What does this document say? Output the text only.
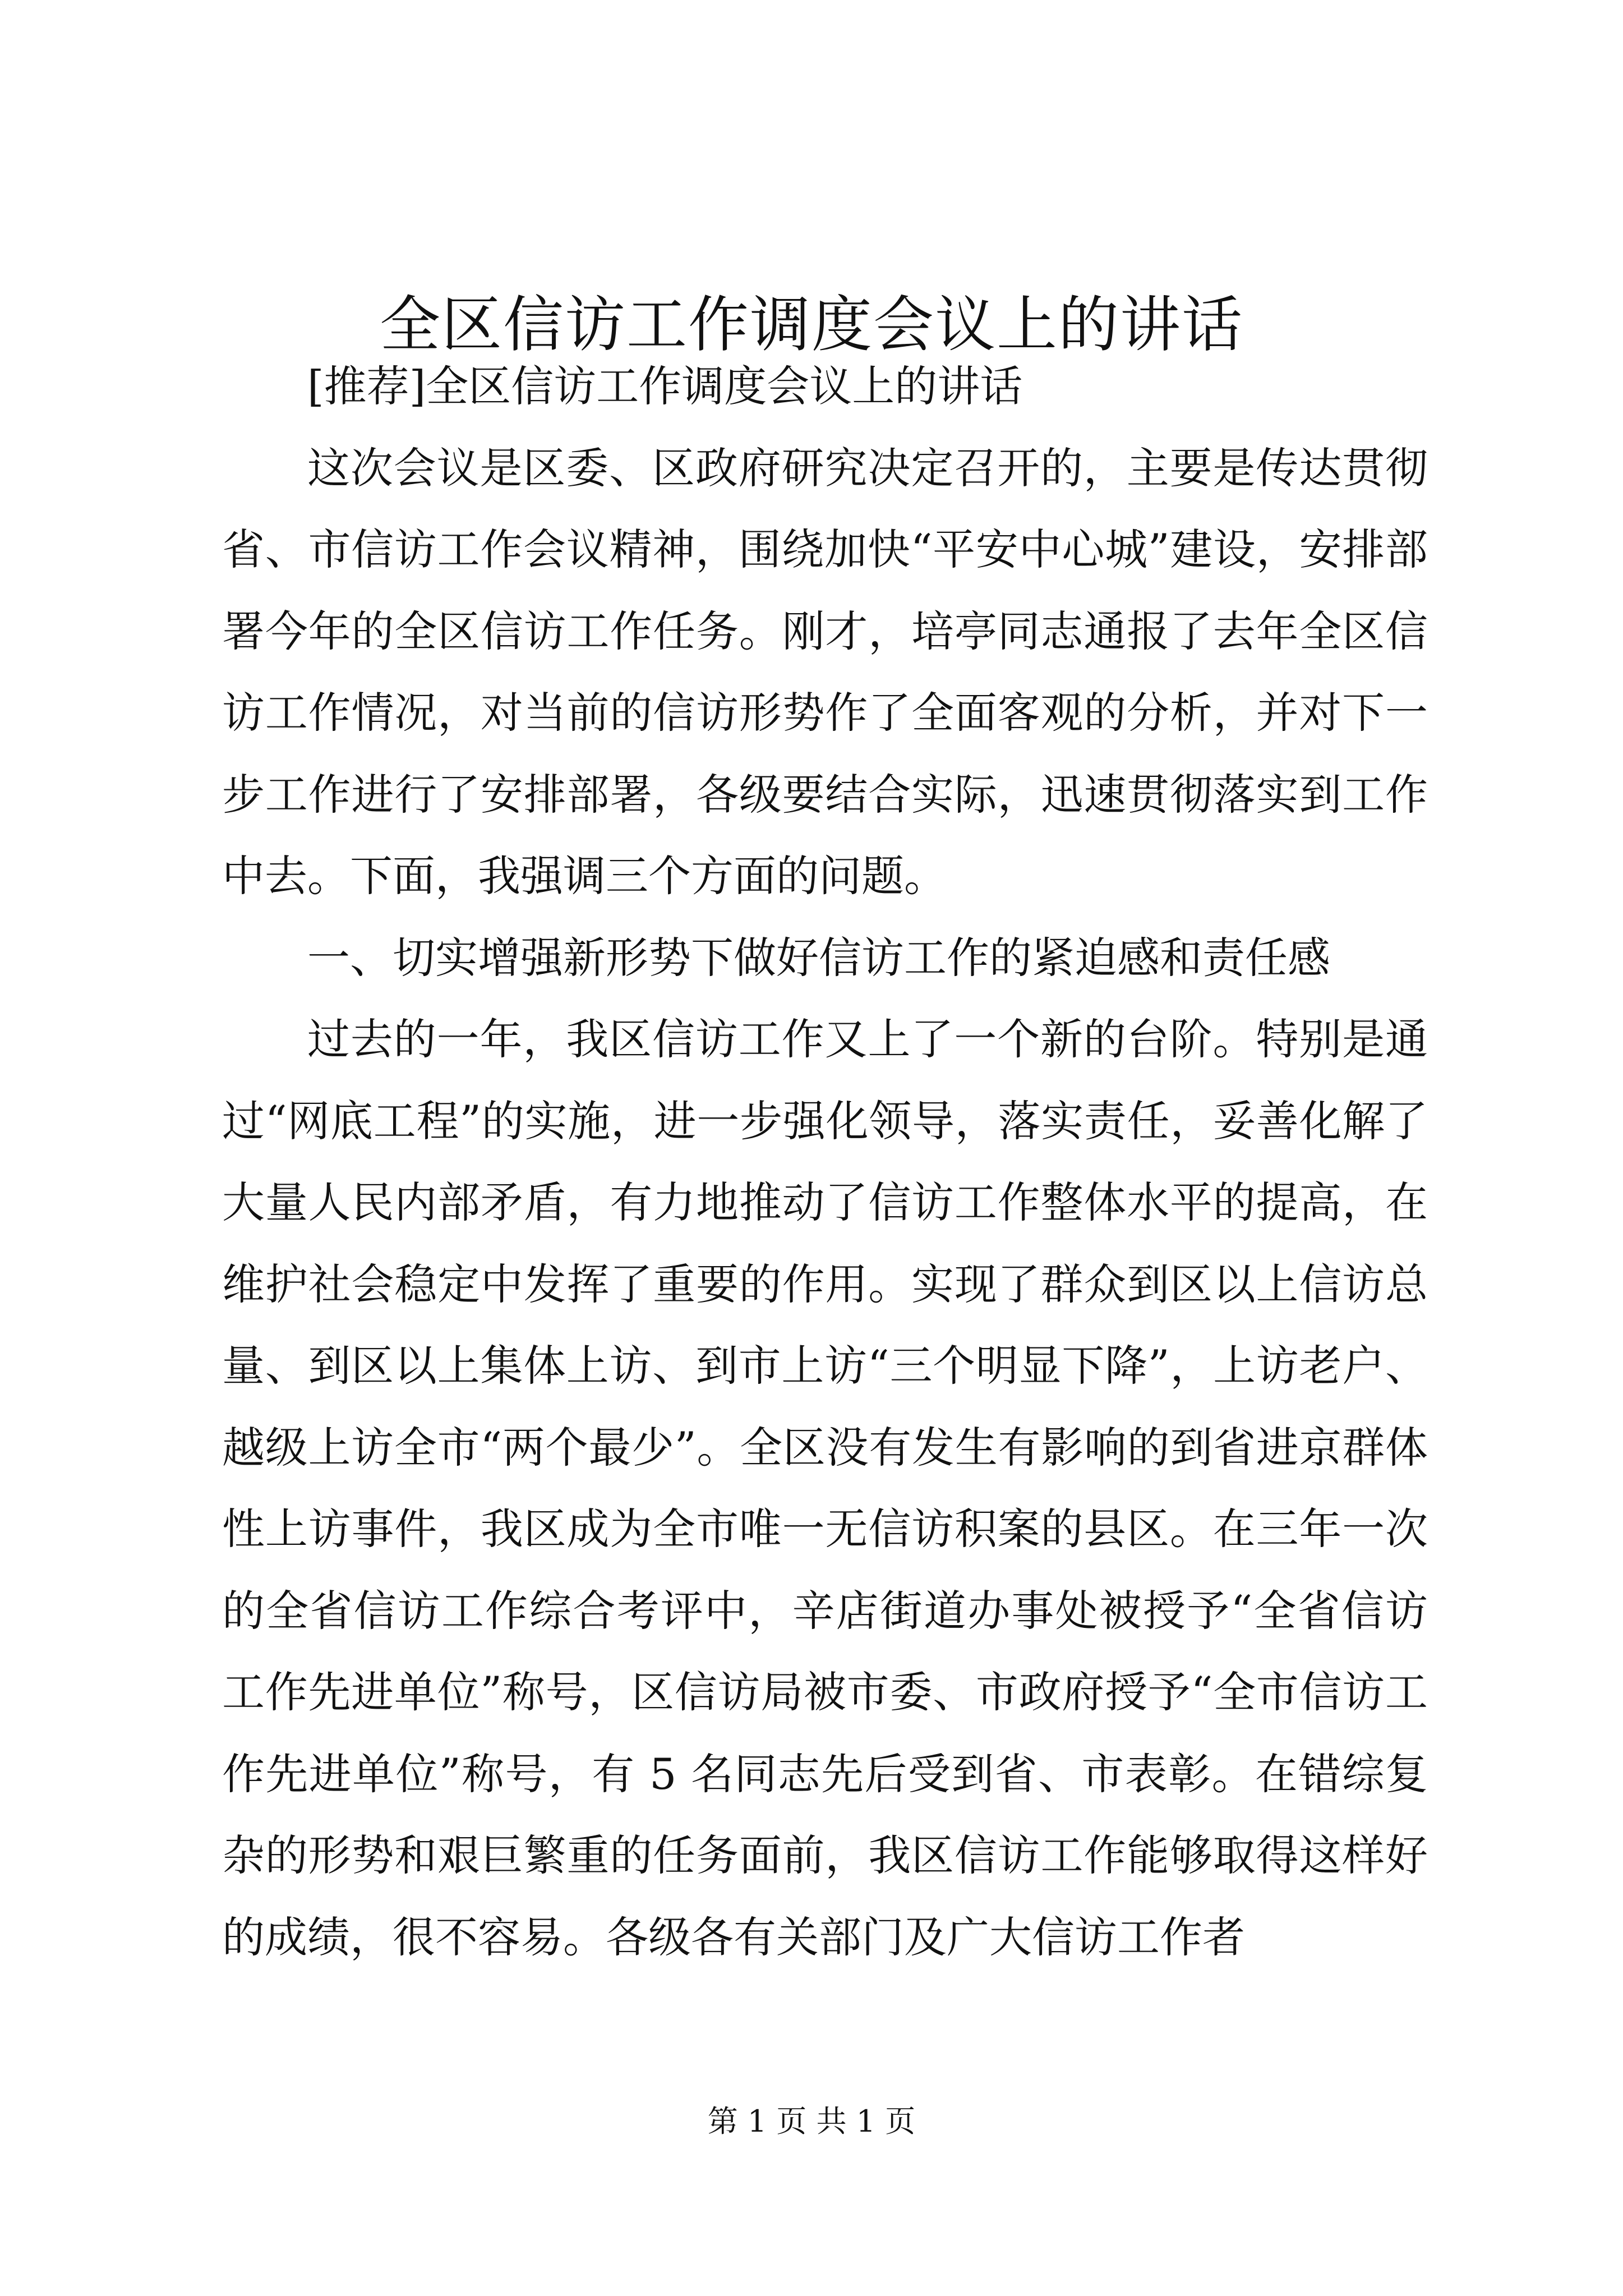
全区信访工作调度会议上的讲话

[推荐]全区信访工作调度会议上的讲话

这次会议是区委、区政府研究决定召开的，主要是传达贯彻省、市信访工作会议精神，围绕加快“平安中心城”建设，安排部署今年的全区信访工作任务。刚才，培亭同志通报了去年全区信访工作情况，对当前的信访形势作了全面客观的分析，并对下一步工作进行了安排部署，各级要结合实际，迅速贯彻落实到工作中去。下面，我强调三个方面的问题。

一、切实增强新形势下做好信访工作的紧迫感和责任感

过去的一年，我区信访工作又上了一个新的台阶。特别是通过“网底工程”的实施，进一步强化领导，落实责任，妥善化解了大量人民内部矛盾，有力地推动了信访工作整体水平的提高，在维护社会稳定中发挥了重要的作用。实现了群众到区以上信访总量、到区以上集体上访、到市上访“三个明显下降”，上访老户、越级上访全市“两个最少”。全区没有发生有影响的到省进京群体性上访事件，我区成为全市唯一无信访积案的县区。在三年一次的全省信访工作综合考评中，辛店街道办事处被授予“全省信访工作先进单位”称号，区信访局被市委、市政府授予“全市信访工作先进单位”称号，有 5 名同志先后受到省、市表彰。在错综复杂的形势和艰巨繁重的任务面前，我区信访工作能够取得这样好的成绩，很不容易。各级各有关部门及广大信访工作者

第 1 页 共 1 页
